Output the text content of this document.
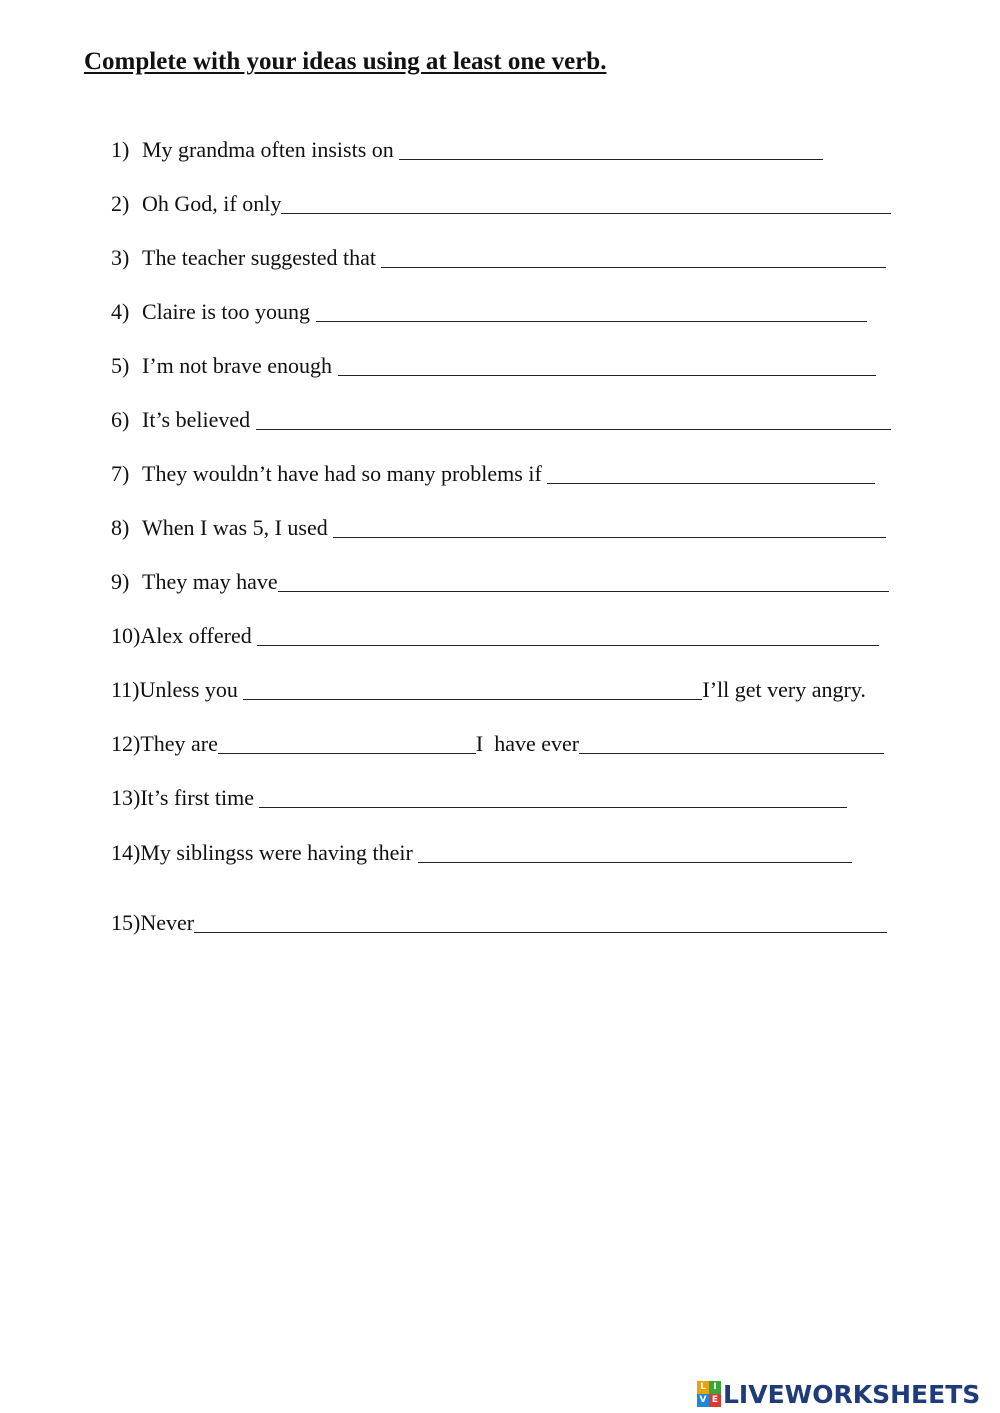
Complete with your ideas using at least one verb.
1) My grandma often insists on
2) Oh God, if only
3) The teacher suggested that
4) Claire is too young
5) I’m not brave enough
6) It’s believed
7) They wouldn’t have had so many problems if
8) When I was 5, I used
9) They may have
10) Alex offered
11) Unless you	I’ll get very angry.
12) They are	I  have ever
13) It’s first time
14) My siblingss were having their
15) Never
L I
V E LIVEWORKSHEETS
